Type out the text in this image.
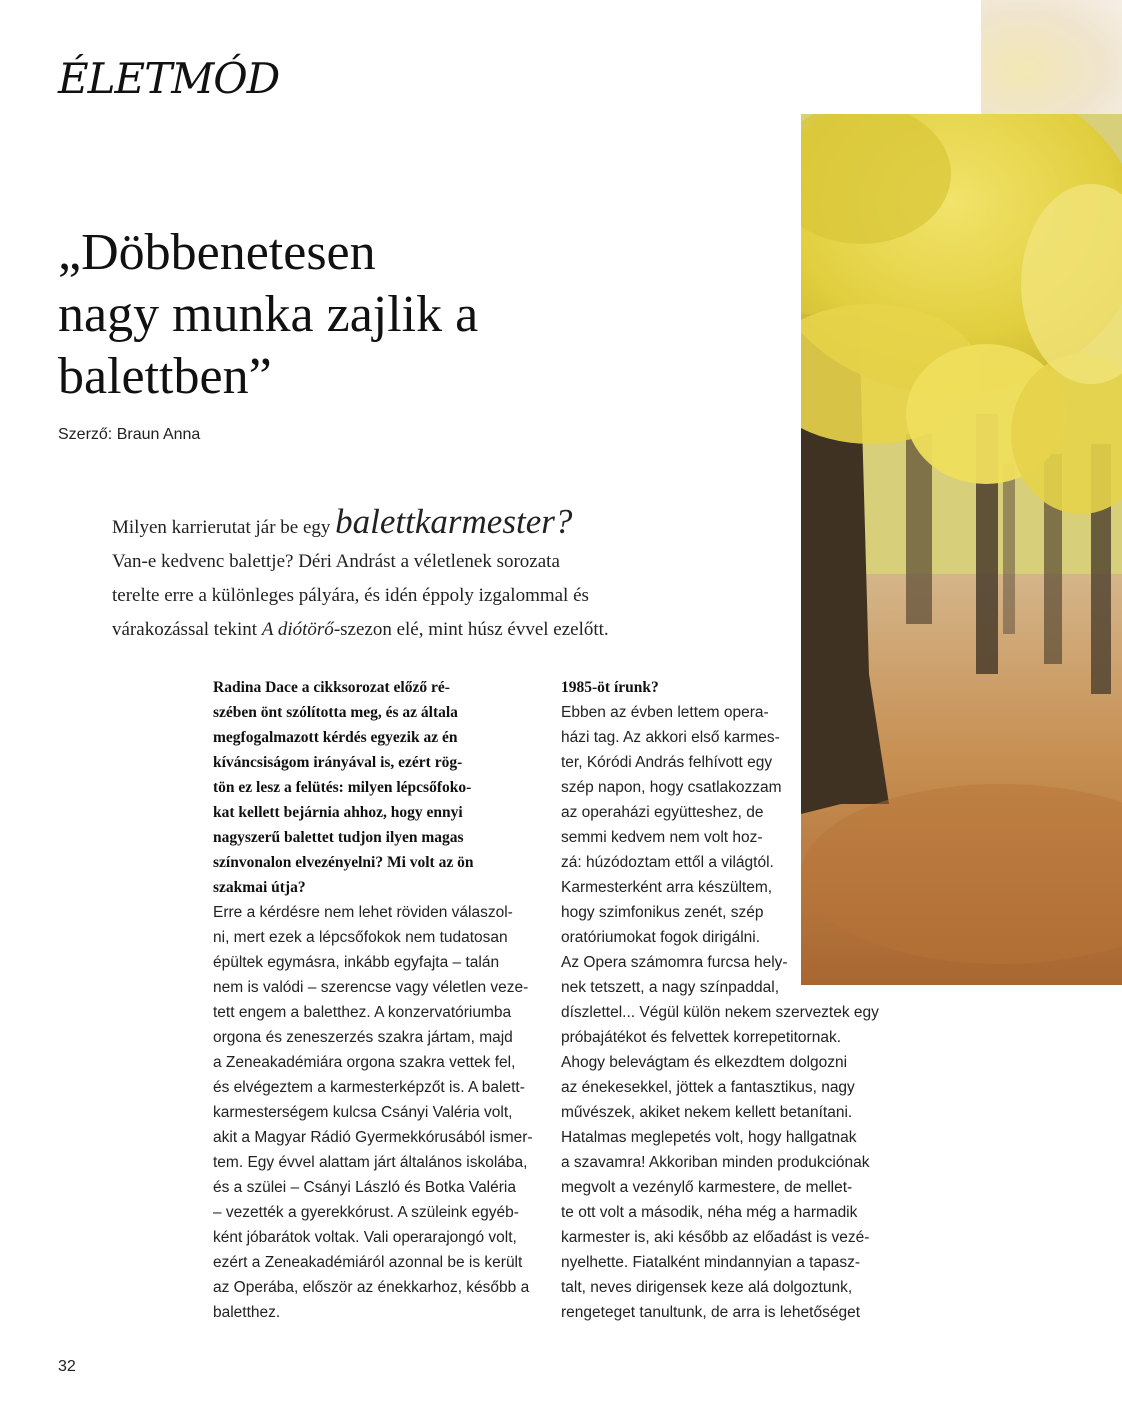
ÉLETMÓD
„Döbbenetesen
nagy munka zajlik a
balettben”

Szerző: Braun Anna

Milyen karrierutat jár be egy balettkarmester?
Van-e kedvenc balettje? Déri Andrást a véletlenek sorozata
terelte erre a különleges pályára, és idén éppoly izgalommal és
várakozással tekint A diótörő-szezon elé, mint húsz évvel ezelőtt.
Radina Dace a cikksorozat előző ré-
szében önt szólította meg, és az általa
megfogalmazott kérdés egyezik az én
kíváncsiságom irányával is, ezért rög-
tön ez lesz a felütés: milyen lépcsőfoko-
kat kellett bejárnia ahhoz, hogy ennyi
nagyszerű balettet tudjon ilyen magas
színvonalon elvezényelni? Mi volt az ön
szakmai útja?
Erre a kérdésre nem lehet röviden válaszol-
ni, mert ezek a lépcsőfokok nem tudatosan
épültek egymásra, inkább egyfajta – talán
nem is valódi – szerencse vagy véletlen veze-
tett engem a baletthez. A konzervatóriumba
orgona és zeneszerzés szakra jártam, majd
a Zeneakadémiára orgona szakra vettek fel,
és elvégeztem a karmesterképzőt is. A balett-
karmesterségem kulcsa Csányi Valéria volt,
akit a Magyar Rádió Gyermekkórusából ismer-
tem. Egy évvel alattam járt általános iskolába,
és a szülei – Csányi László és Botka Valéria
– vezették a gyerekkórust. A szüleink egyéb-
ként jóbarátok voltak. Vali operarajongó volt,
ezért a Zeneakadémiáról azonnal be is került
az Operába, először az énekkarhoz, később a
baletthez.
1985-öt írunk?
Ebben az évben lettem opera-
házi tag. Az akkori első karmes-
ter, Kóródi András felhívott egy
szép napon, hogy csatlakozzam
az operaházi együtteshez, de
semmi kedvem nem volt hoz-
zá: húzódoztam ettől a világtól.
Karmesterként arra készültem,
hogy szimfonikus zenét, szép
oratóriumokat fogok dirigálni.
Az Opera számomra furcsa hely-
nek tetszett, a nagy színpaddal,
díszlettel... Végül külön nekem szerveztek egy
próbajátékot és felvettek korrepetitornak.
Ahogy belevágtam és elkezdtem dolgozni
az énekesekkel, jöttek a fantasztikus, nagy
művészek, akiket nekem kellett betanítani.
Hatalmas meglepetés volt, hogy hallgatnak
a szavamra! Akkoriban minden produkciónak
megvolt a vezénylő karmestere, de mellet-
te ott volt a második, néha még a harmadik
karmester is, aki később az előadást is vezé-
nyelhette. Fiatalként mindannyian a tapasz-
talt, neves dirigensek keze alá dolgoztunk,
rengeteget tanultunk, de arra is lehetőséget

32
